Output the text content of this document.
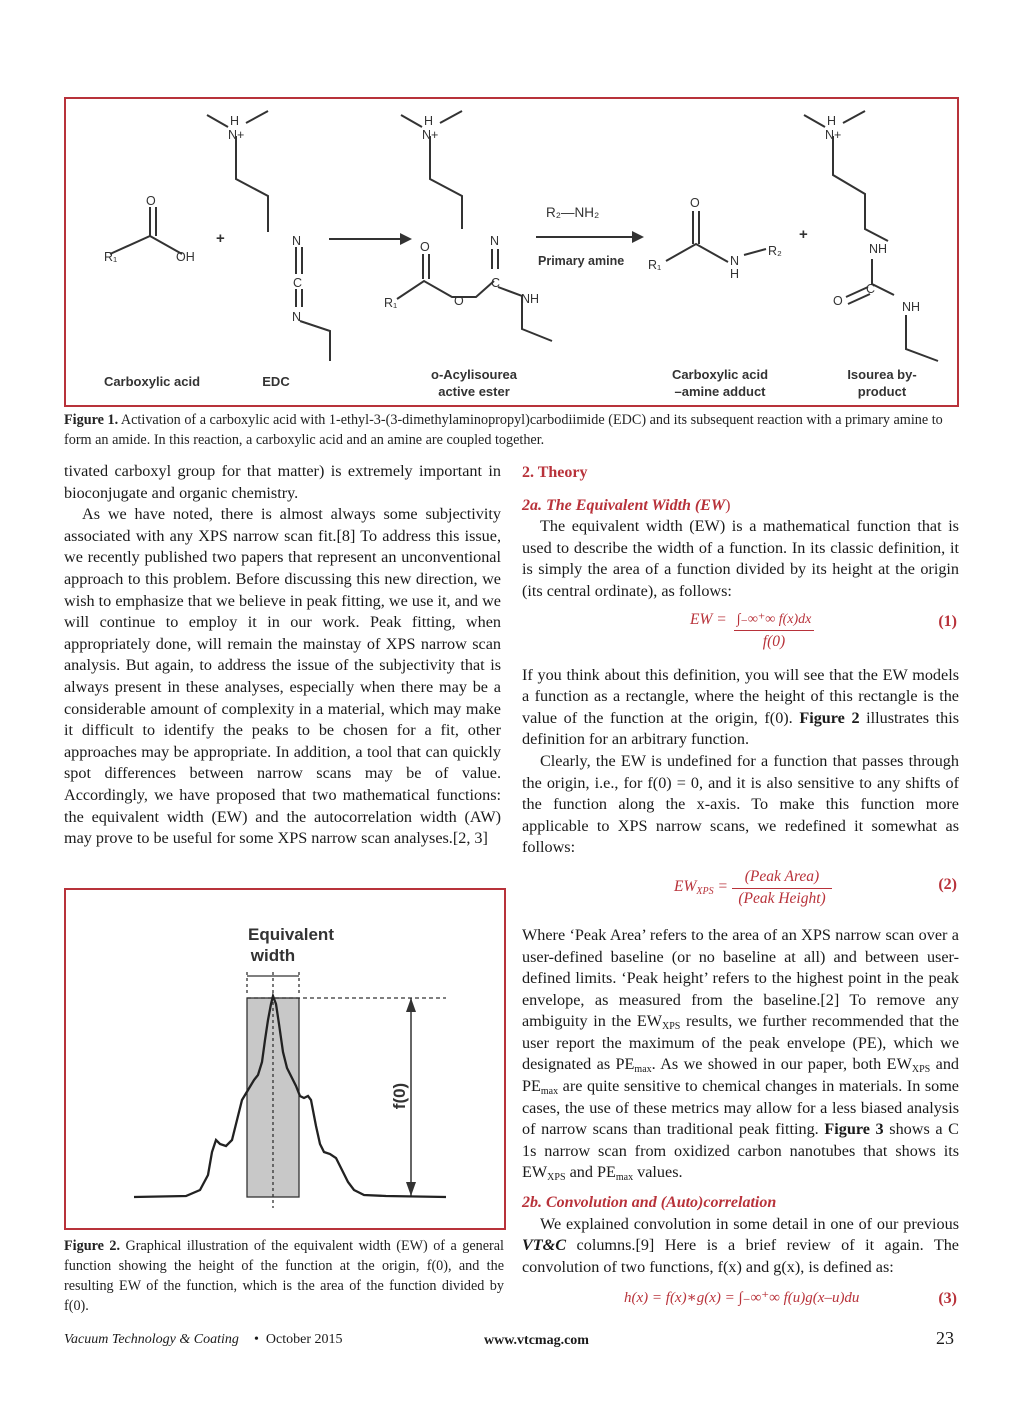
O
R₁	OH
+
H
N+
N
C
N
H
N+
N
C
O
R₁	O	NH
R₂—NH₂
Primary amine
O
R₁	N
H
R₂
+
H
N+
NH
O
C
NH
Carboxylic acid	EDC	o-Acylisourea
active ester
Carboxylic acid
–amine adduct
Isourea by-
product
Figure 1. Activation of a carboxylic acid with 1-ethyl-3-(3-dimethylaminopropyl)carbodiimide (EDC) and its subsequent reaction with a primary amine to form an amide. In this reaction, a carboxylic acid and an amine are coupled together.

tivated carboxyl group for that matter) is extremely important in bioconjugate and organic chemistry.

As we have noted, there is almost always some subjectivity associated with any XPS narrow scan fit.[8] To address this issue, we recently published two papers that represent an unconventional approach to this problem. Before discussing this new direction, we wish to emphasize that we believe in peak fitting, we use it, and we will continue to employ it in our work. Peak fitting, when appropriately done, will remain the mainstay of XPS narrow scan analysis. But again, to address the issue of the subjectivity that is always present in these analyses, especially when there may be a considerable amount of complexity in a material, which may make it difficult to identify the peaks to be chosen for a fit, other approaches may be appropriate. In addition, a tool that can quickly spot differences between narrow scans may be of value. Accordingly, we have proposed that two mathematical functions: the equivalent width (EW) and the autocorrelation width (AW) may prove to be useful for some XPS narrow scan analyses.[2, 3]

Equivalent
width
f(0)
Figure 2. Graphical illustration of the equivalent width (EW) of a general function showing the height of the function at the origin, f(0), and the resulting EW of the function, which is the area of the function divided by f(0).
2. Theory
2a. The Equivalent Width (EW)

The equivalent width (EW) is a mathematical function that is used to describe the width of a function. In its classic definition, it is simply the area of a function divided by its height at the origin (its central ordinate), as follows:

EW = ∫₋∞⁺∞ f(x)dx
f(0)
(1)

If you think about this definition, you will see that the EW models a function as a rectangle, where the height of this rectangle is the value of the function at the origin, f(0). Figure 2 illustrates this definition for an arbitrary function.

Clearly, the EW is undefined for a function that passes through the origin, i.e., for f(0) = 0, and it is also sensitive to any shifts of the function along the x-axis. To make this function more applicable to XPS narrow scans, we redefined it somewhat as follows:

$EW_{XPS}$ =
(Peak Area)
(Peak Height)
(2)

Where ‘Peak Area’ refers to the area of an XPS narrow scan over a user-defined baseline (or no baseline at all) and between user-defined limits. ‘Peak height’ refers to the highest point in the peak envelope, as measured from the baseline.[2] To remove any ambiguity in the $EW_{XPS}$ results, we further recommended that the user report the maximum of the peak envelope (PE), which we designated as $PE_{max}$. As we showed in our paper, both $EW_{XPS}$ and $PE_{max}$ are quite sensitive to chemical changes in materials. In some cases, the use of these metrics may allow for a less biased analysis of narrow scans than traditional peak fitting. Figure 3 shows a C 1s narrow scan from oxidized carbon nanotubes that shows its $EW_{XPS}$ and $PE_{max}$ values.

2b. Convolution and (Auto)correlation

We explained convolution in some detail in one of our previous VT&C columns.[9] Here is a brief review of it again. The convolution of two functions, f(x) and g(x), is defined as:

h(x) = f(x)∗g(x) = ∫₋∞⁺∞ f(u)g(x–u)du	(3)
Vacuum Technology & Coating • October 2015	www.vtcmag.com	23
